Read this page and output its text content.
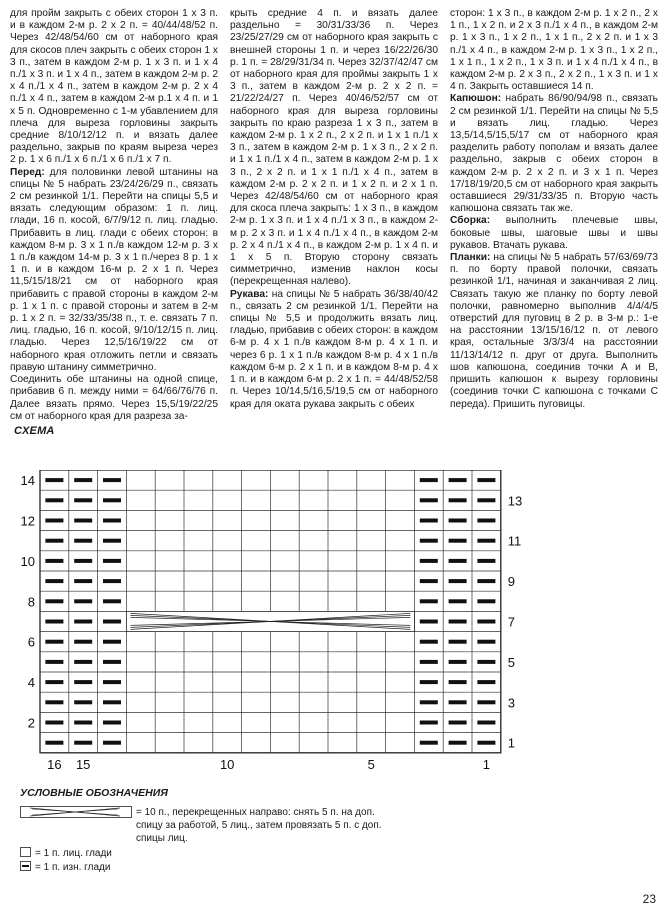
для пройм закрыть с обеих сторон 1 х 3 п. и в каждом 2-м р. 2 х 2 п. = 40/44/48/52 п. Через 42/48/54/60 см от наборного края для скосов плеч закрыть с обеих сторон 1 х 3 п., затем в каждом 2-м р. 1 х 3 п. и 1 х 4 п./1 х 3 п. и 1 х 4 п., затем в каждом 2-м р. 2 х 4 п./1 х 4 п., затем в каждом 2-м р. 2 х 4 п./1 х 4 п., затем в каждом 2-м р.1 х 4 п. и 1 х 5 п. Одновременно с 1-м убавлением для плеча для выреза горловины закрыть средние 8/10/12/12 п. и вязать далее раздельно, закрыв по краям выреза через 2 р. 1 х 6 п./1 х 6 п./1 х 6 п./1 х 7 п.

Перед: для половинки левой штанины на спицы № 5 набрать 23/24/26/29 п., связать 2 см резинкой 1/1. Перейти на спицы 5,5 и вязать следующим образом: 1 п. лиц. глади, 16 п. косой, 6/7/9/12 п. лиц. гладью. Прибавить в лиц. глади с обеих сторон: в каждом 8-м р. 3 х 1 п./в каждом 12-м р. 3 х 1 п./в каждом 14-м р. 3 х 1 п./через 8 р. 1 х 1 п. и в каждом 16-м р. 2 х 1 п. Через 11,5/15/18/21 см от наборного края прибавить с правой стороны в каждом 2-м р. 1 х 1 п. с правой стороны и затем в 2-м р. 1 х 2 п. = 32/33/35/38 п., т. е. связать 7 п. лиц. гладью, 16 п. косой, 9/10/12/15 п. лиц. гладью. Через 12,5/16/19/22 см от наборного края отложить петли и связать правую штанину симметрично.

Соединить обе штанины на одной спице, прибавив 6 п. между ними = 64/66/76/76 п. Далее вязать прямо. Через 15,5/19/22/25 см от наборного края для разреза за-

крыть средние 4 п. и вязать далее раздельно = 30/31/33/36 п. Через 23/25/27/29 см от наборного края закрыть с внешней стороны 1 п. и через 16/22/26/30 р. 1 п. = 28/29/31/34 п. Через 32/37/42/47 см от наборного края для проймы закрыть 1 х 3 п., затем в каждом 2-м р. 2 х 2 п. = 21/22/24/27 п. Через 40/46/52/57 см от наборного края для выреза горловины закрыть по краю разреза 1 х 3 п., затем в каждом 2-м р. 1 х 2 п., 2 х 2 п. и 1 х 1 п./1 х 3 п., затем в каждом 2-м р. 1 х 3 п., 2 х 2 п. и 1 х 1 п./1 х 4 п., затем в каждом 2-м р. 1 х 3 п., 2 х 2 п. и 1 х 1 п./1 х 4 п., затем в каждом 2-м р. 2 х 2 п. и 1 х 2 п. и 2 х 1 п. Через 42/48/54/60 см от наборного края для скоса плеча закрыть: 1 х 3 п., в каждом 2-м р. 1 х 3 п. и 1 х 4 п./1 х 3 п., в каждом 2-м р. 2 х 3 п. и 1 х 4 п./1 х 4 п., в каждом 2-м р. 2 х 4 п./1 х 4 п., в каждом 2-м р. 1 х 4 п. и 1 х 5 п. Вторую сторону связать симметрично, изменив наклон косы (перекрещенная налево).

Рукава: на спицы № 5 набрать 36/38/40/42 п., связать 2 см резинкой 1/1. Перейти на спицы № 5,5 и продолжить вязать лиц. гладью, прибавив с обеих сторон: в каждом 6-м р. 4 х 1 п./в каждом 8-м р. 4 х 1 п. и через 6 р. 1 х 1 п./в каждом 8-м р. 4 х 1 п./в каждом 6-м р. 2 х 1 п. и в каждом 8-м р. 4 х 1 п. и в каждом 6-м р. 2 х 1 п. = 44/48/52/58 п. Через 10/14,5/16,5/19,5 см от наборного края для окатa рукава закрыть с обеих

сторон: 1 х 3 п., в каждом 2-м р. 1 х 2 п., 2 х 1 п., 1 х 2 п. и 2 х 3 п./1 х 4 п., в каждом 2-м р. 1 х 3 п., 1 х 2 п., 1 х 1 п., 2 х 2 п. и 1 х 3 п./1 х 4 п., в каждом 2-м р. 1 х 3 п., 1 х 2 п., 1 х 1 п., 1 х 2 п., 1 х 3 п. и 1 х 4 п./1 х 4 п., в каждом 2-м р. 2 х 3 п., 2 х 2 п., 1 х 3 п. и 1 х 4 п. Закрыть оставшиеся 14 п.

Капюшон: набрать 86/90/94/98 п., связать 2 см резинкой 1/1. Перейти на спицы № 5,5 и вязать лиц. гладью. Через 13,5/14,5/15,5/17 см от наборного края разделить работу пополам и вязать далее раздельно, закрыв с обеих сторон в каждом 2-м р. 2 х 2 п. и 3 х 1 п. Через 17/18/19/20,5 см от наборного края закрыть оставшиеся 29/31/33/35 п. Вторую часть капюшона связать так же.

Сборка: выполнить плечевые швы, боковые швы, шаговые швы и швы рукавов. Втачать рукава.

Планки: на спицы № 5 набрать 57/63/69/73 п. по борту правой полочки, связать резинкой 1/1, начиная и заканчивая 2 лиц. Связать такую же планку по борту левой полочки, равномерно выполнив 4/4/4/5 отверстий для пуговиц в 2 р. в 3-м р.: 1-е на расстоянии 13/15/16/12 п. от левого края, остальные 3/3/3/4 на расстоянии 11/13/14/12 п. друг от друга. Выполнить шов капюшона, соединив точки А и В, пришить капюшон к вырезу горловины (соединив точки С капюшона с точками С переда). Пришить пуговицы.

СХЕМА
14
12
10
8
6
4
2
13
11
9
7
5
3
1
16 15	10	5	1
УСЛОВНЫЕ ОБОЗНАЧЕНИЯ
= 10 п., перекрещенных направо: снять 5 п. на доп. спицу за работой, 5 лиц., затем провязать 5 п. с доп. спицы лиц.
= 1 п. лиц. глади
= 1 п. изн. глади
23
